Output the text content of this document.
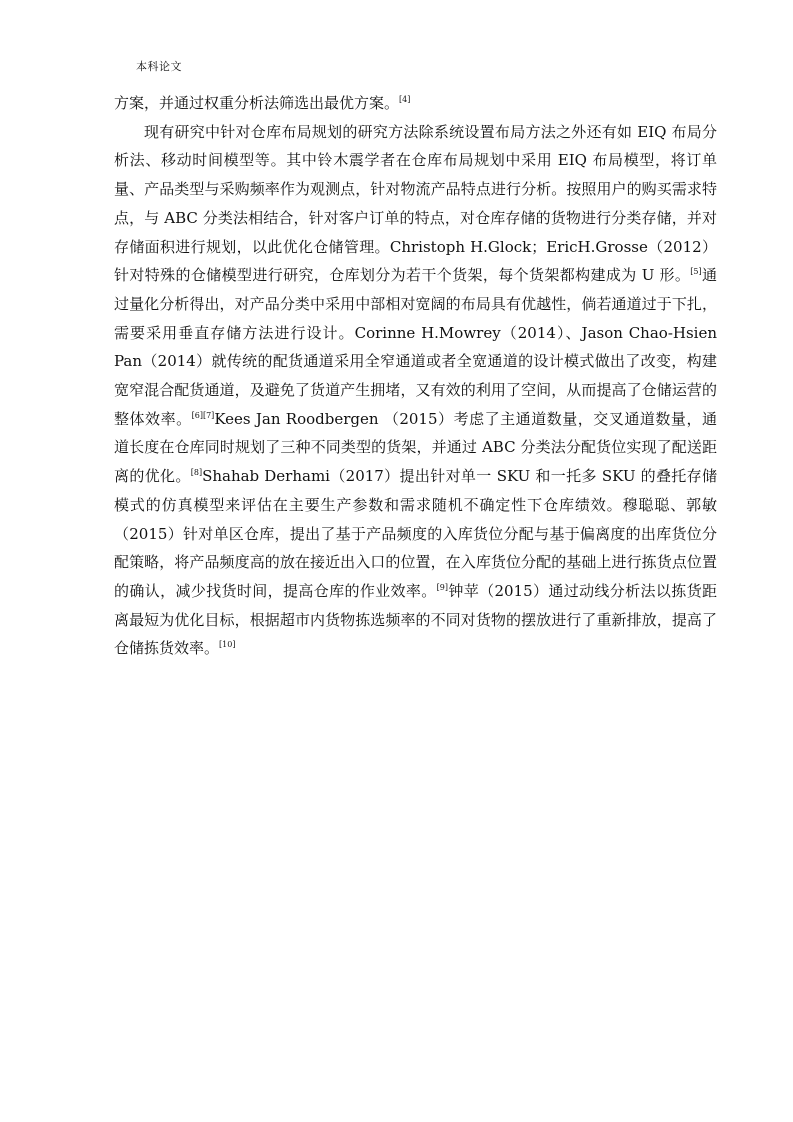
本科论文

方案，并通过权重分析法筛选出最优方案。[4]

现有研究中针对仓库布局规划的研究方法除系统设置布局方法之外还有如 EIQ 布局分析法、移动时间模型等。其中铃木震学者在仓库布局规划中采用 EIQ 布局模型，将订单量、产品类型与采购频率作为观测点，针对物流产品特点进行分析。按照用户的购买需求特点，与 ABC 分类法相结合，针对客户订单的特点，对仓库存储的货物进行分类存储，并对存储面积进行规划，以此优化仓储管理。Christoph H.Glock；EricH.Grosse（2012）针对特殊的仓储模型进行研究，仓库划分为若干个货架，每个货架都构建成为 U 形。[5]通过量化分析得出，对产品分类中采用中部相对宽阔的布局具有优越性，倘若通道过于下扎，需要采用垂直存储方法进行设计。Corinne H.Mowrey（2014）、Jason Chao-Hsien Pan（2014）就传统的配货通道采用全窄通道或者全宽通道的设计模式做出了改变，构建宽窄混合配货通道，及避免了货道产生拥堵，又有效的利用了空间，从而提高了仓储运营的整体效率。[6][7]Kees Jan Roodbergen （2015）考虑了主通道数量，交叉通道数量，通道长度在仓库同时规划了三种不同类型的货架，并通过 ABC 分类法分配货位实现了配送距离的优化。[8]Shahab Derhami（2017）提出针对单一 SKU 和一托多 SKU 的叠托存储模式的仿真模型来评估在主要生产参数和需求随机不确定性下仓库绩效。穆聪聪、郭敏（2015）针对单区仓库，提出了基于产品频度的入库货位分配与基于偏离度的出库货位分配策略，将产品频度高的放在接近出入口的位置，在入库货位分配的基础上进行拣货点位置的确认，减少找货时间，提高仓库的作业效率。[9]钟苹（2015）通过动线分析法以拣货距离最短为优化目标，根据超市内货物拣选频率的不同对货物的摆放进行了重新排放，提高了仓储拣货效率。[10]
